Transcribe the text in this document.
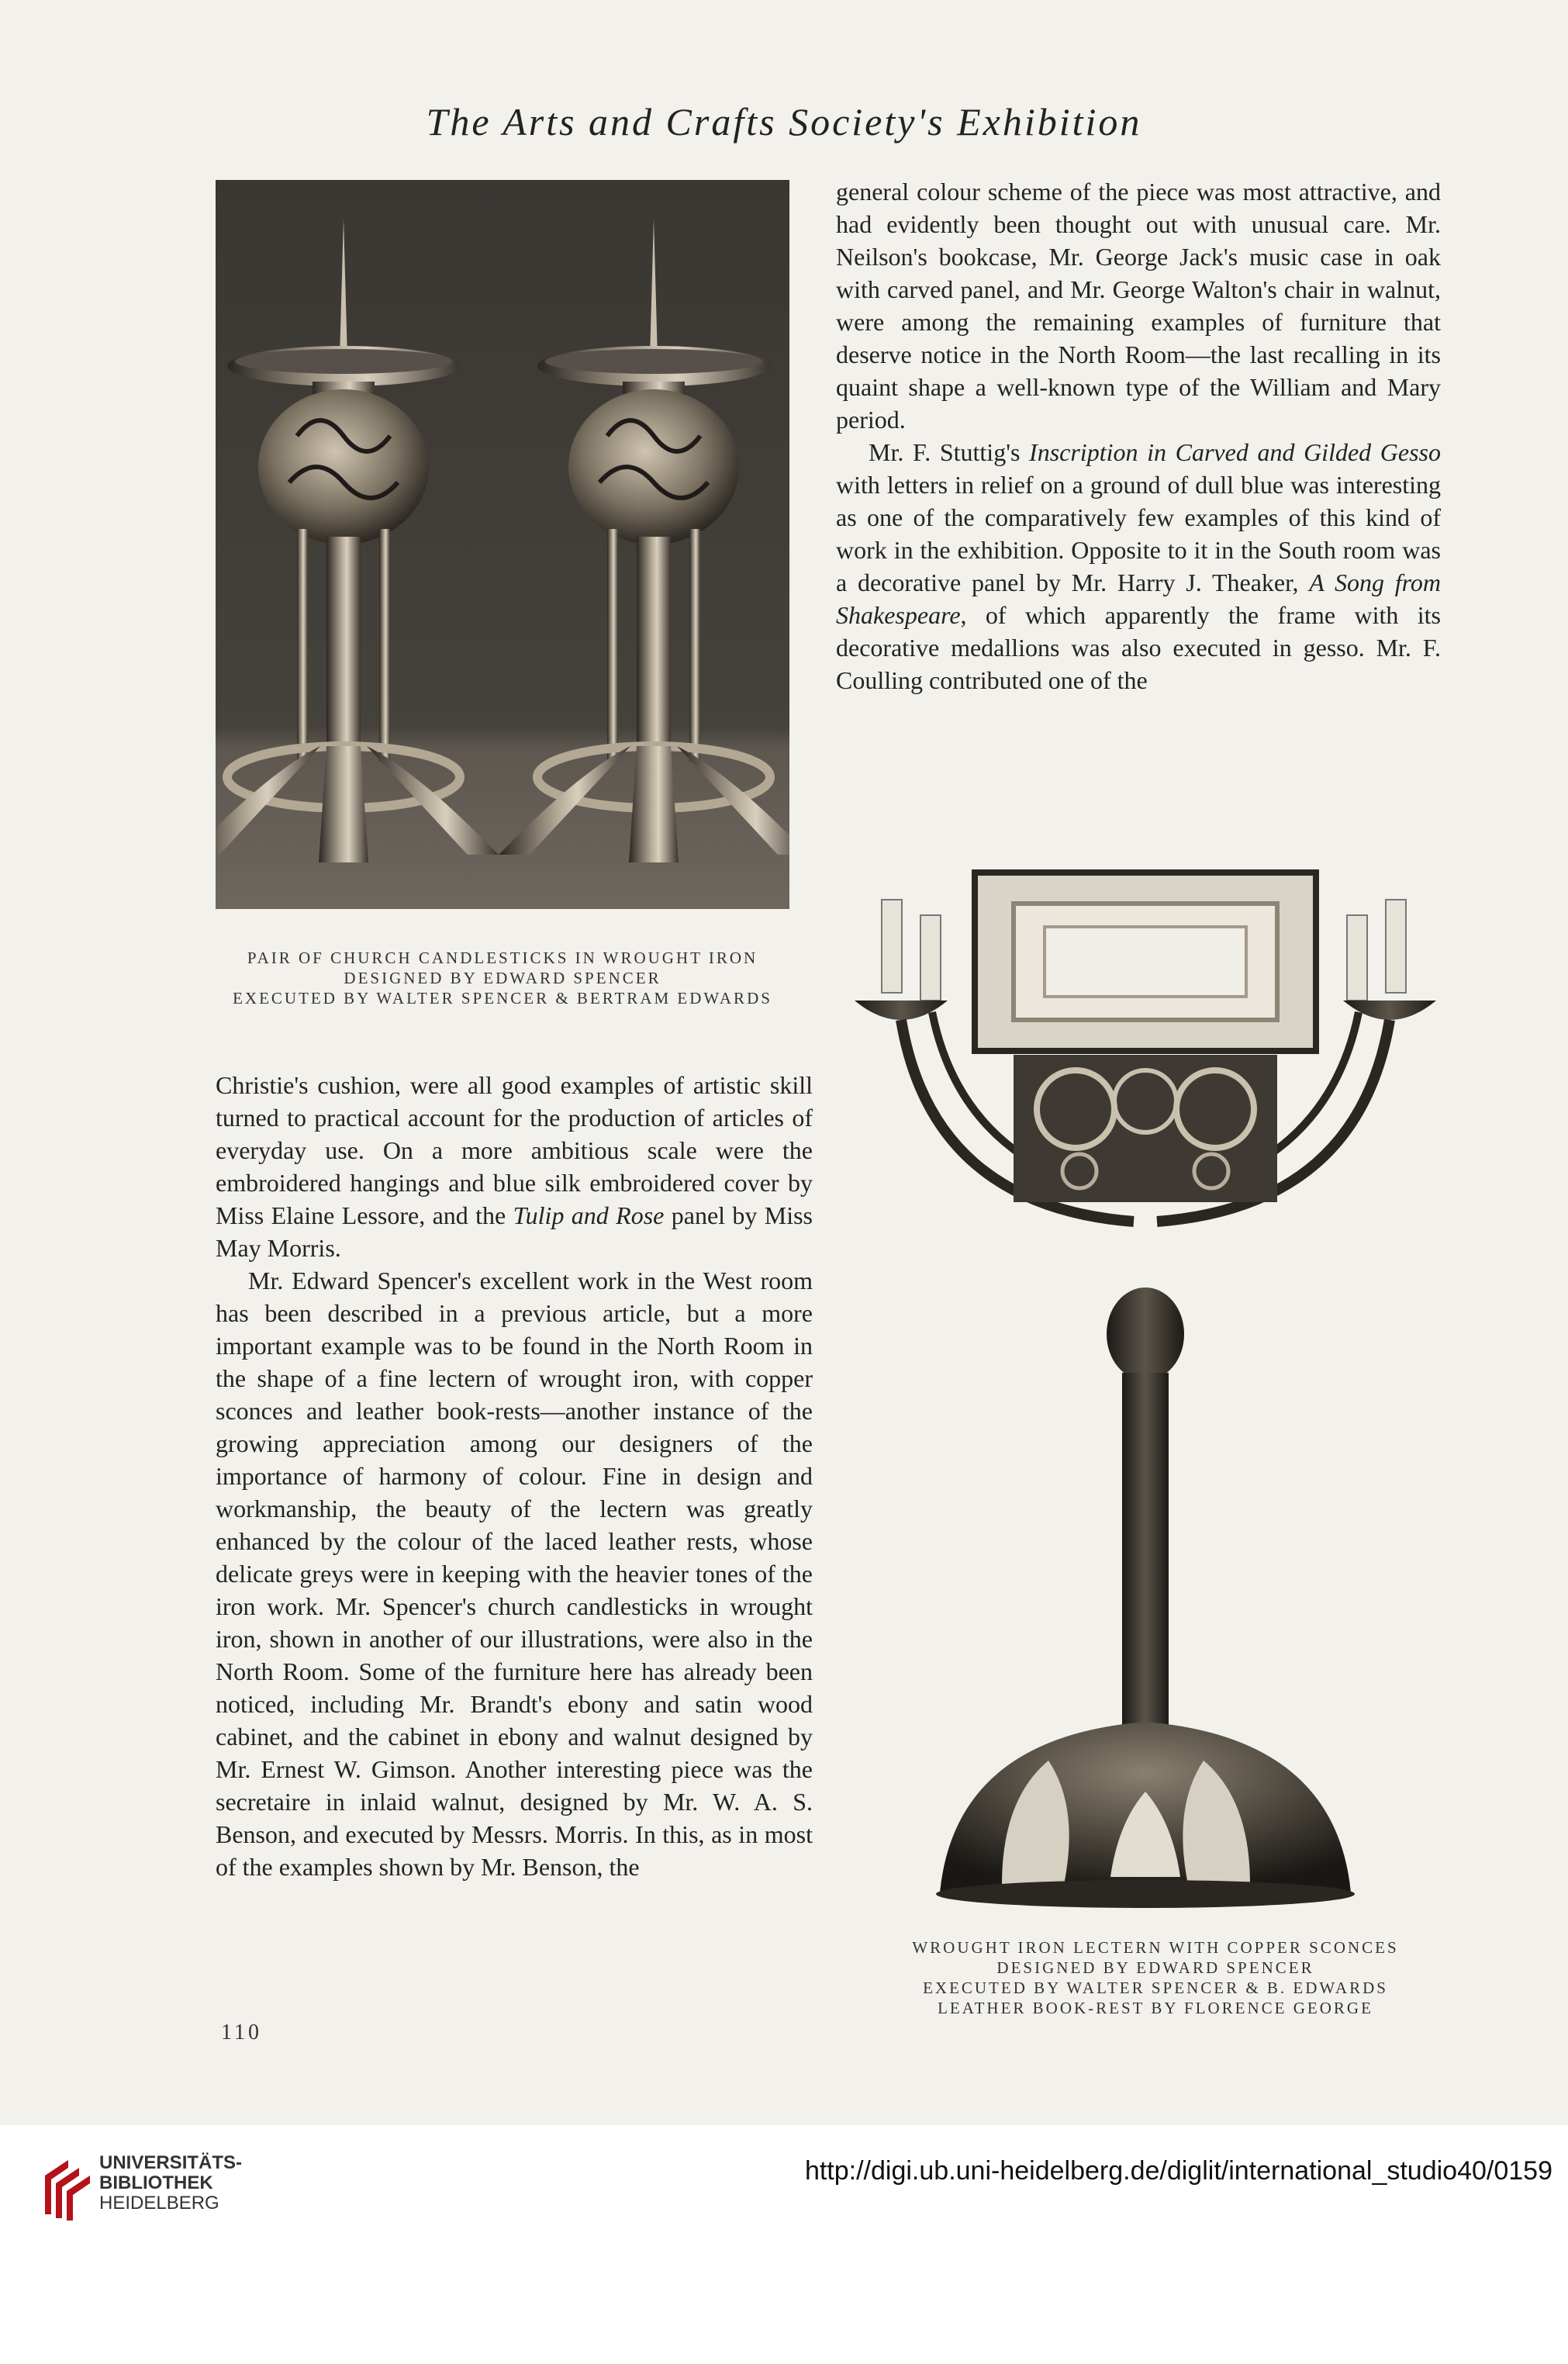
The Arts and Crafts Society's Exhibition
PAIR OF CHURCH CANDLESTICKS IN WROUGHT IRON
DESIGNED BY EDWARD SPENCER
EXECUTED BY WALTER SPENCER & BERTRAM EDWARDS

general colour scheme of the piece was most attractive, and had evidently been thought out with unusual care. Mr. Neilson's bookcase, Mr. George Jack's music case in oak with carved panel, and Mr. George Walton's chair in walnut, were among the remaining examples of furniture that deserve notice in the North Room—the last recalling in its quaint shape a well-known type of the William and Mary period.

Mr. F. Stuttig's Inscription in Carved and Gilded Gesso with letters in relief on a ground of dull blue was interesting as one of the comparatively few examples of this kind of work in the exhibition. Opposite to it in the South room was a decorative panel by Mr. Harry J. Theaker, A Song from Shakespeare, of which apparently the frame with its decorative medallions was also executed in gesso. Mr. F. Coulling contributed one of the

Christie's cushion, were all good examples of artistic skill turned to practical account for the production of articles of everyday use. On a more ambitious scale were the embroidered hangings and blue silk embroidered cover by Miss Elaine Lessore, and the Tulip and Rose panel by Miss May Morris.

Mr. Edward Spencer's excellent work in the West room has been described in a previous article, but a more important example was to be found in the North Room in the shape of a fine lectern of wrought iron, with copper sconces and leather book-rests—another instance of the growing appreciation among our designers of the importance of harmony of colour. Fine in design and workmanship, the beauty of the lectern was greatly enhanced by the colour of the laced leather rests, whose delicate greys were in keeping with the heavier tones of the iron work. Mr. Spencer's church candlesticks in wrought iron, shown in another of our illustrations, were also in the North Room. Some of the furniture here has already been noticed, including Mr. Brandt's ebony and satin wood cabinet, and the cabinet in ebony and walnut designed by Mr. Ernest W. Gimson. Another interesting piece was the secretaire in inlaid walnut, designed by Mr. W. A. S. Benson, and executed by Messrs. Morris. In this, as in most of the examples shown by Mr. Benson, the

WROUGHT IRON LECTERN WITH COPPER SCONCES
DESIGNED BY EDWARD SPENCER
EXECUTED BY WALTER SPENCER & B. EDWARDS
LEATHER BOOK-REST BY FLORENCE GEORGE
110
UNIVERSITÄTS-
BIBLIOTHEK
HEIDELBERG
http://digi.ub.uni-heidelberg.de/diglit/international_studio40/0159
